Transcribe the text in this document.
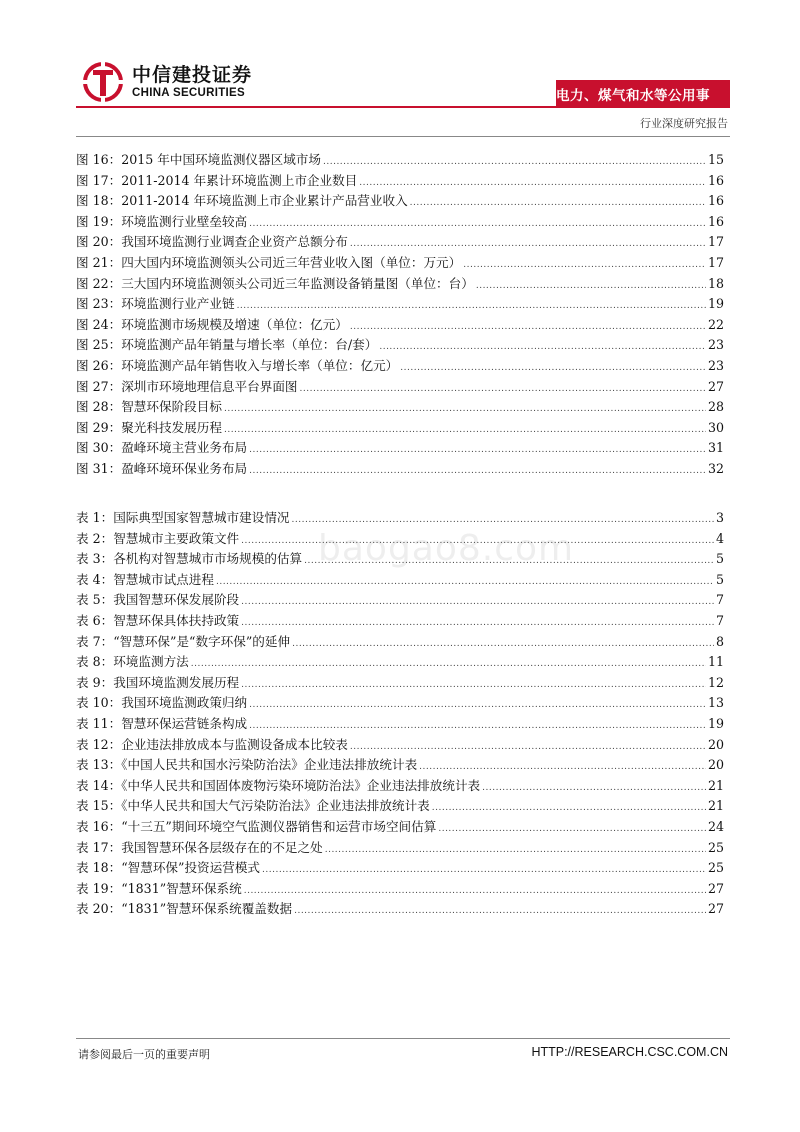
中信建投证券
CHINA SECURITIES	电力、煤气和水等公用事业	行业深度研究报告
图 16：2015 年中国环境监测仪器区域市场 .....	15
图 17：2011-2014 年累计环境监测上市企业数目 .....	16
图 18：2011-2014 年环境监测上市企业累计产品营业收入 .....	16
图 19：环境监测行业壁垒较高 .....	16
图 20：我国环境监测行业调查企业资产总额分布 .....	17
图 21：四大国内环境监测领头公司近三年营业收入图（单位：万元） .....	17
图 22：三大国内环境监测领头公司近三年监测设备销量图（单位：台） .....	18
图 23：环境监测行业产业链 .....	19
图 24：环境监测市场规模及增速（单位：亿元） .....	22
图 25：环境监测产品年销量与增长率（单位：台/套） .....	23
图 26：环境监测产品年销售收入与增长率（单位：亿元） .....	23
图 27：深圳市环境地理信息平台界面图 .....	27
图 28：智慧环保阶段目标 .....	28
图 29：聚光科技发展历程 .....	30
图 30：盈峰环境主营业务布局 .....	31
图 31：盈峰环境环保业务布局 .....	32
表 1：国际典型国家智慧城市建设情况 .....	3
表 2：智慧城市主要政策文件 .....	4
表 3：各机构对智慧城市市场规模的估算 .....	5
表 4：智慧城市试点进程 .....	5
表 5：我国智慧环保发展阶段 .....	7
表 6：智慧环保具体扶持政策 .....	7
表 7：“智慧环保”是“数字环保”的延伸 .....	8
表 8：环境监测方法 .....	11
表 9：我国环境监测发展历程 .....	12
表 10：我国环境监测政策归纳 .....	13
表 11：智慧环保运营链条构成 .....	19
表 12：企业违法排放成本与监测设备成本比较表 .....	20
表 13：《中国人民共和国水污染防治法》企业违法排放统计表 .....	20
表 14：《中华人民共和国固体废物污染环境防治法》企业违法排放统计表 .....	21
表 15：《中华人民共和国大气污染防治法》企业违法排放统计表 .....	21
表 16：“十三五”期间环境空气监测仪器销售和运营市场空间估算 .....	24
表 17：我国智慧环保各层级存在的不足之处 .....	25
表 18：“智慧环保”投资运营模式 .....	25
表 19：“1831”智慧环保系统 .....	27
表 20：“1831”智慧环保系统覆盖数据 .....	27
baogao8.com
请参阅最后一页的重要声明	HTTP://RESEARCH.CSC.COM.CN
